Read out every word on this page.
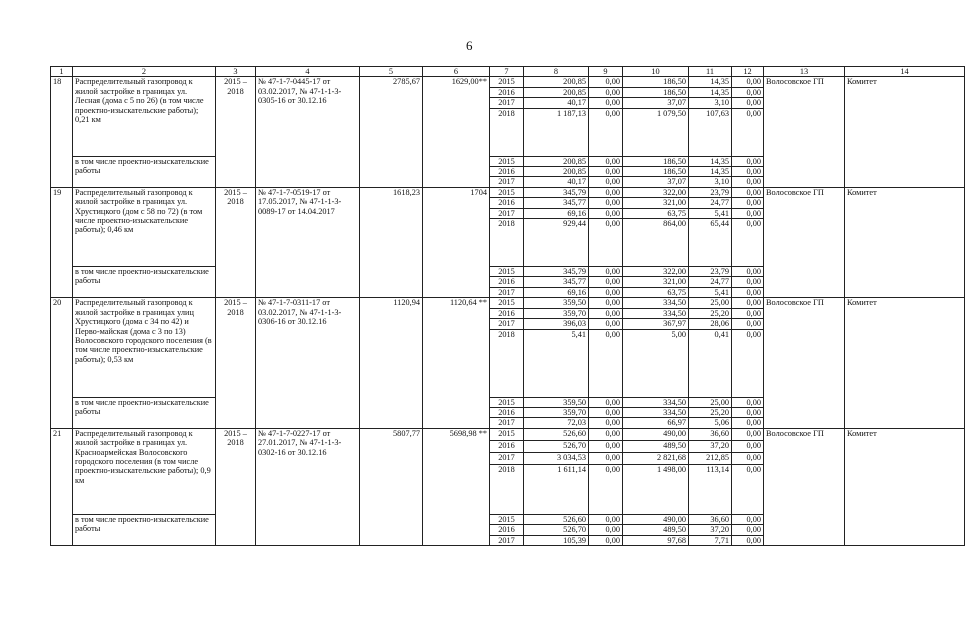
6
1	2	3	4	5	6	7	8	9	10	11	12	13	14
18	Распределительный газопровод к жилой застройке в границах ул. Лесная (дома с 5 по 26) (в том числе проектно-изыскательские работы); 0,21 км	2015 – 2018	№ 47-1-7-0445-17 от 03.02.2017, № 47-1-1-3-0305-16 от 30.12.16	2785,67	1629,00**	2015	200,85	0,00	186,50	14,35	0,00	Волосовское ГП	Комитет
						2016	200,85	0,00	186,50	14,35	0,00		
						2017	40,17	0,00	37,07	3,10	0,00		
						2018	1 187,13	0,00	1 079,50	107,63	0,00		
	в том числе проектно-изыскательские работы					2015	200,85	0,00	186,50	14,35	0,00		
						2016	200,85	0,00	186,50	14,35	0,00		
						2017	40,17	0,00	37,07	3,10	0,00		
19	Распределительный газопровод к жилой застройке в границах ул. Хрустицкого (дом с 58 по 72) (в том числе проектно-изыскательские работы); 0,46 км	2015 – 2018	№ 47-1-7-0519-17 от 17.05.2017, № 47-1-1-3-0089-17 от 14.04.2017	1618,23	1704	2015	345,79	0,00	322,00	23,79	0,00	Волосовское ГП	Комитет
						2016	345,77	0,00	321,00	24,77	0,00		
						2017	69,16	0,00	63,75	5,41	0,00		
						2018	929,44	0,00	864,00	65,44	0,00		
	в том числе проектно-изыскательские работы					2015	345,79	0,00	322,00	23,79	0,00		
						2016	345,77	0,00	321,00	24,77	0,00		
						2017	69,16	0,00	63,75	5,41	0,00		
20	Распределительный газопровод к жилой застройке в границах улиц Хрустицкого (дома с 34 по 42) и Перво-майская (дома с 3 по 13) Волосовского городского поселения (в том числе проектно-изыскательские работы); 0,53 км	2015 – 2018	№ 47-1-7-0311-17 от 03.02.2017, № 47-1-1-3-0306-16 от 30.12.16	1120,94	1120,64 **	2015	359,50	0,00	334,50	25,00	0,00	Волосовское ГП	Комитет
						2016	359,70	0,00	334,50	25,20	0,00		
						2017	396,03	0,00	367,97	28,06	0,00		
						2018	5,41	0,00	5,00	0,41	0,00		
	в том числе проектно-изыскательские работы					2015	359,50	0,00	334,50	25,00	0,00		
						2016	359,70	0,00	334,50	25,20	0,00		
						2017	72,03	0,00	66,97	5,06	0,00		
21	Распределительный газопровод к жилой застройке в границах ул. Красноармейская Волосовского городского поселения (в том числе проектно-изыскательские работы); 0,9 км	2015 – 2018	№ 47-1-7-0227-17 от 27.01.2017, № 47-1-1-3-0302-16 от 30.12.16	5807,77	5698,98 **	2015	526,60	0,00	490,00	36,60	0,00	Волосовское ГП	Комитет
						2016	526,70	0,00	489,50	37,20	0,00		
						2017	3 034,53	0,00	2 821,68	212,85	0,00		
						2018	1 611,14	0,00	1 498,00	113,14	0,00		
	в том числе проектно-изыскательские работы					2015	526,60	0,00	490,00	36,60	0,00		
						2016	526,70	0,00	489,50	37,20	0,00		
						2017	105,39	0,00	97,68	7,71	0,00		
